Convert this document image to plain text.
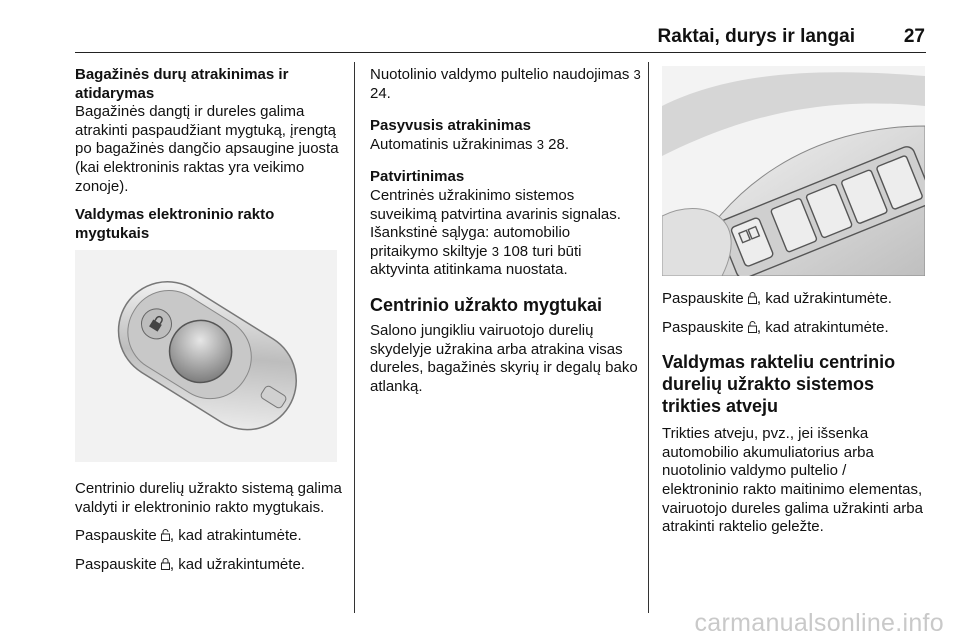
Raktai, durys ir langai	27

Bagažinės durų atrakinimas ir atidarymas

Bagažinės dangtį ir dureles galima atrakinti paspaudžiant mygtuką, įrengtą po bagažinės dangčio apsaugine juosta (kai elektroninis raktas yra veikimo zonoje).

Valdymas elektroninio rakto mygtukais

Centrinio durelių užrakto sistemą galima valdyti ir elektroninio rakto mygtukais.

Paspauskite , kad atrakintumėte.

Paspauskite , kad užrakintumėte.

Nuotolinio valdymo pultelio naudojimas 3 24.

Pasyvusis atrakinimas

Automatinis užrakinimas 3 28.

Patvirtinimas

Centrinės užrakinimo sistemos suveikimą patvirtina avarinis signalas. Išankstinė sąlyga: automobilio pritaikymo skiltyje 3 108 turi būti aktyvinta atitinkama nuostata.

Centrinio užrakto mygtukai

Salono jungikliu vairuotojo durelių skydelyje užrakina arba atrakina visas dureles, bagažinės skyrių ir degalų bako atlanką.

Paspauskite , kad užrakintumėte.

Paspauskite , kad atrakintumėte.

Valdymas rakteliu centrinio durelių užrakto sistemos trikties atveju

Trikties atveju, pvz., jei išsenka automobilio akumuliatorius arba nuotolinio valdymo pultelio / elektroninio rakto maitinimo elementas, vairuotojo dureles galima užrakinti arba atrakinti raktelio geležte.

carmanualsonline.info
